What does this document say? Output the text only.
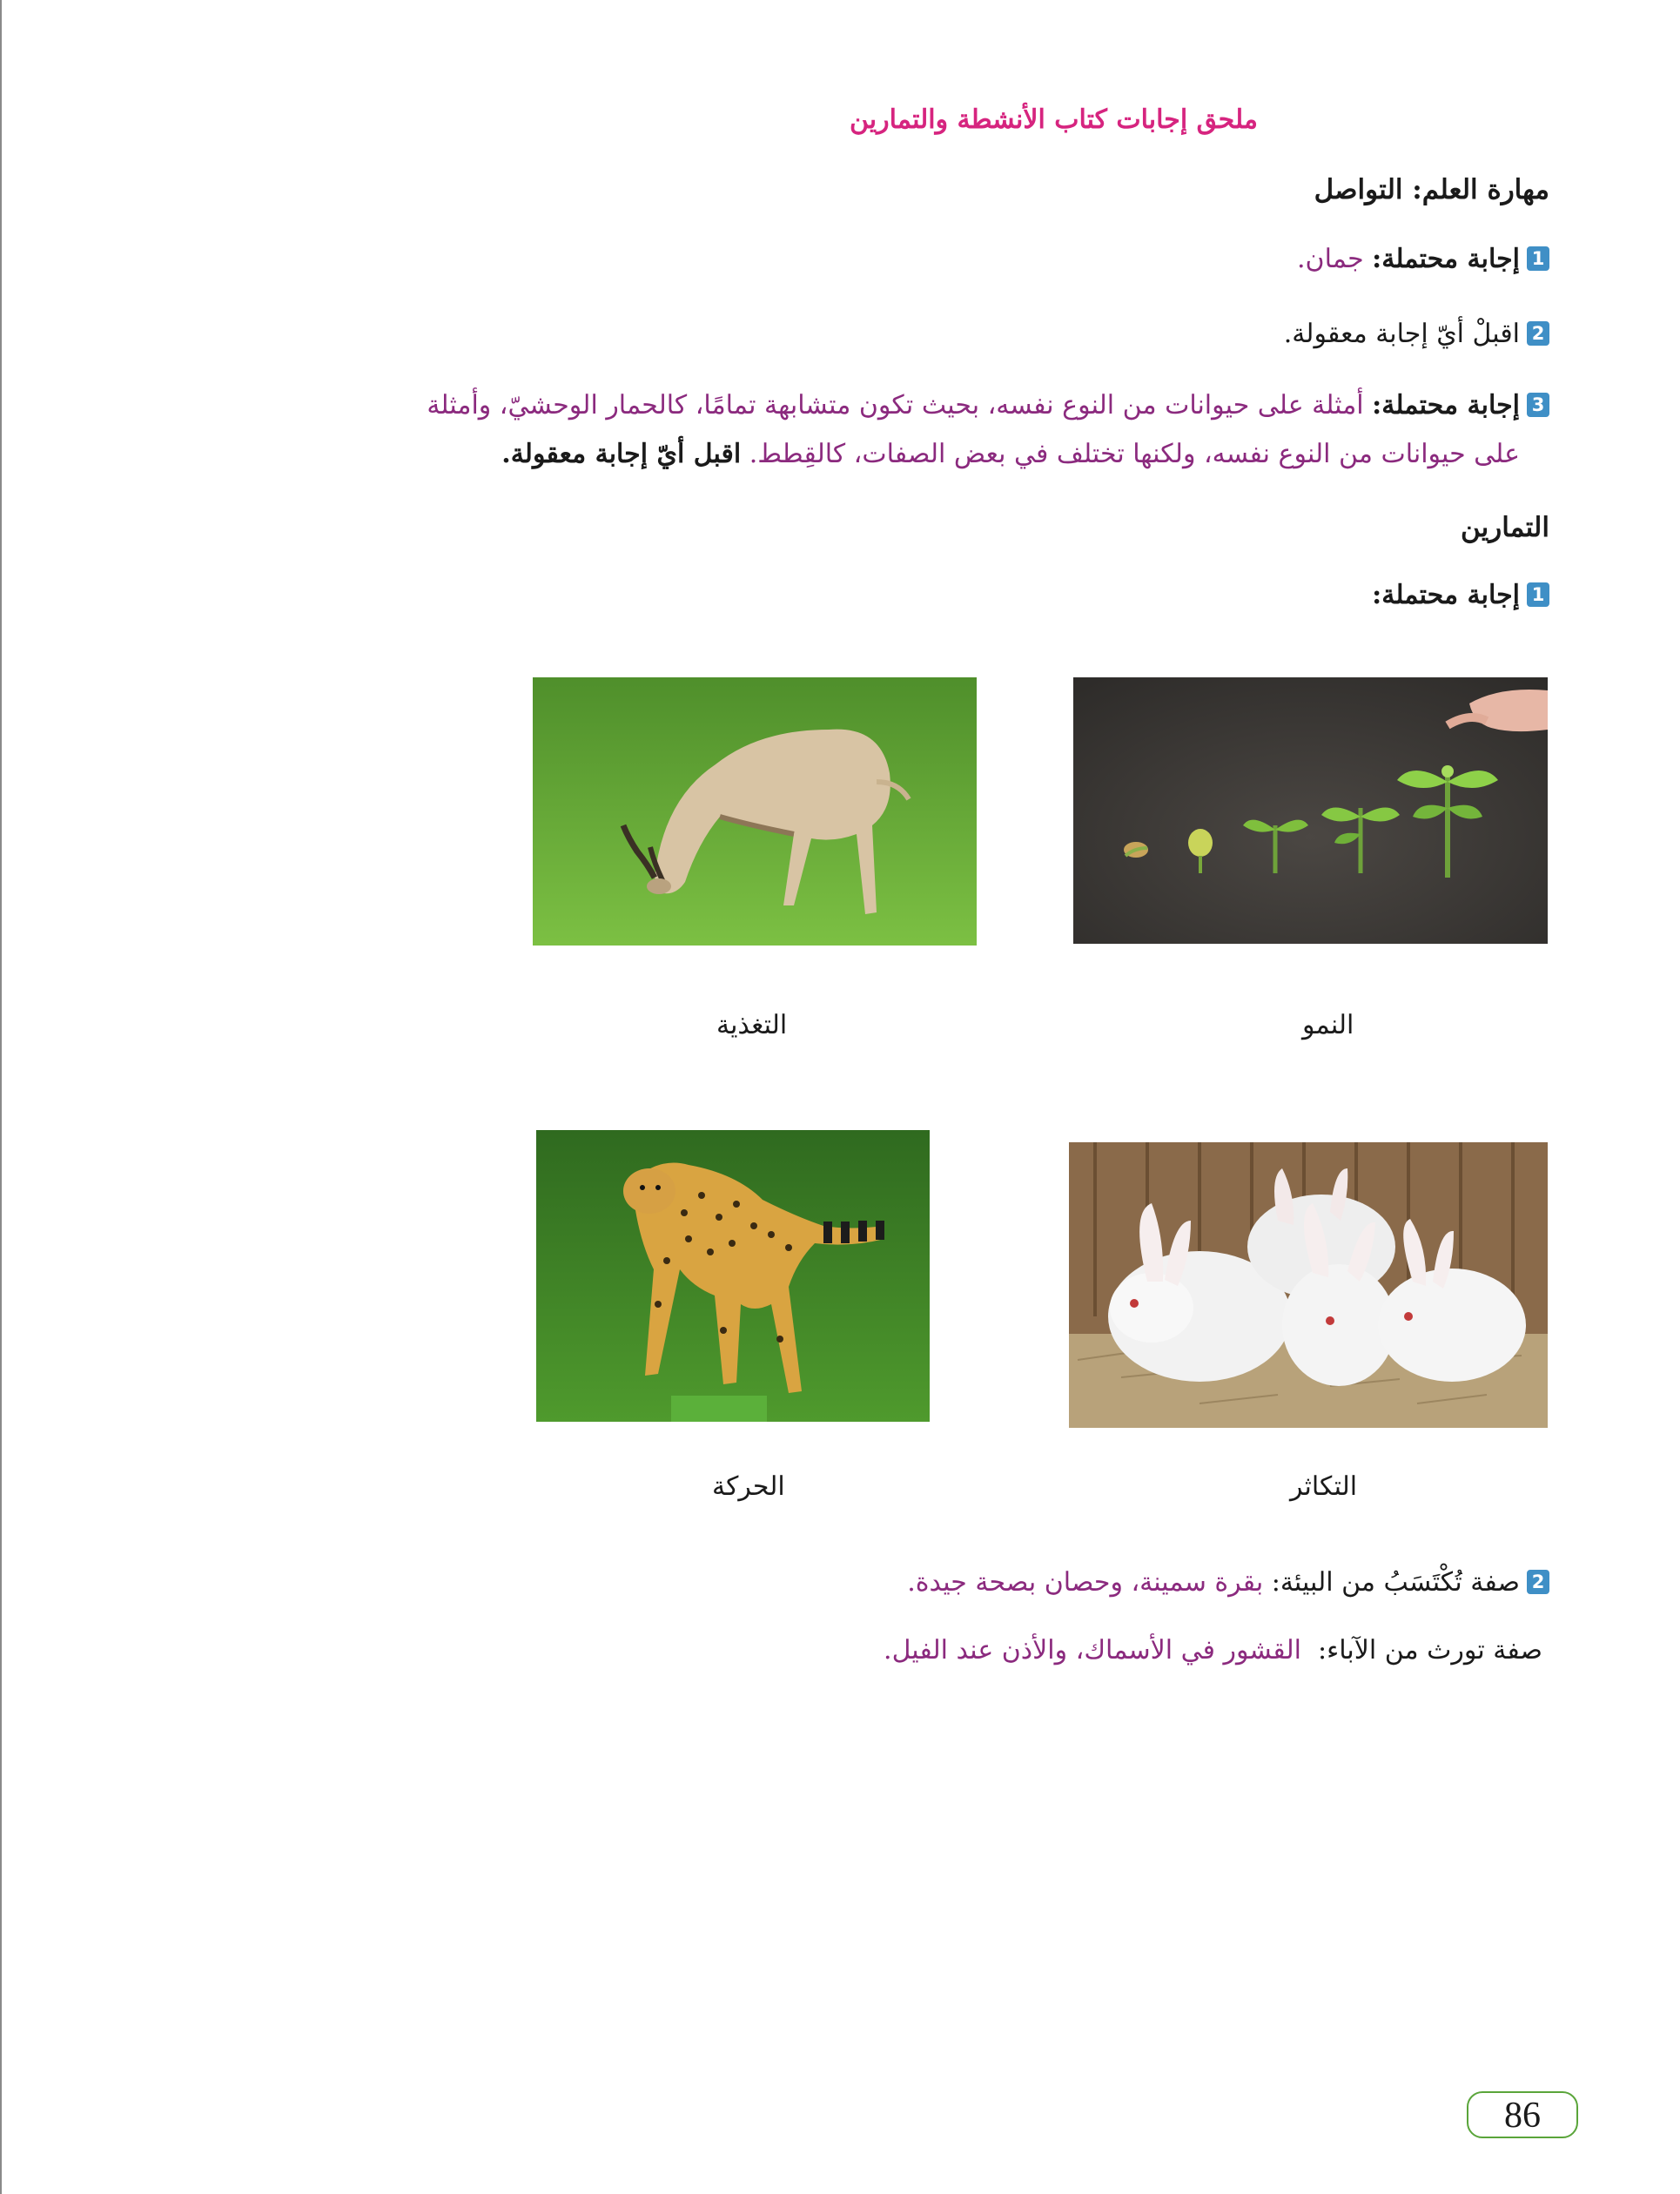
ملحق إجابات كتاب الأنشطة والتمارين
مهارة العلم: التواصل
1إجابة محتملة: جمان.
2اقبلْ أيّ إجابة معقولة.
3إجابة محتملة: أمثلة على حيوانات من النوع نفسه، بحيث تكون متشابهة تمامًا، كالحمار الوحشيّ، وأمثلة
على حيوانات من النوع نفسه، ولكنها تختلف في بعض الصفات، كالقِطط. اقبل أيّ إجابة معقولة.
التمارين
1إجابة محتملة:
النمو
التغذية
التكاثر
الحركة
2صفة تُكْتَسَبُ من البيئة: بقرة سمينة، وحصان بصحة جيدة.
صفة تورث من الآباء:  القشور في الأسماك، والأذن عند الفيل.
86
